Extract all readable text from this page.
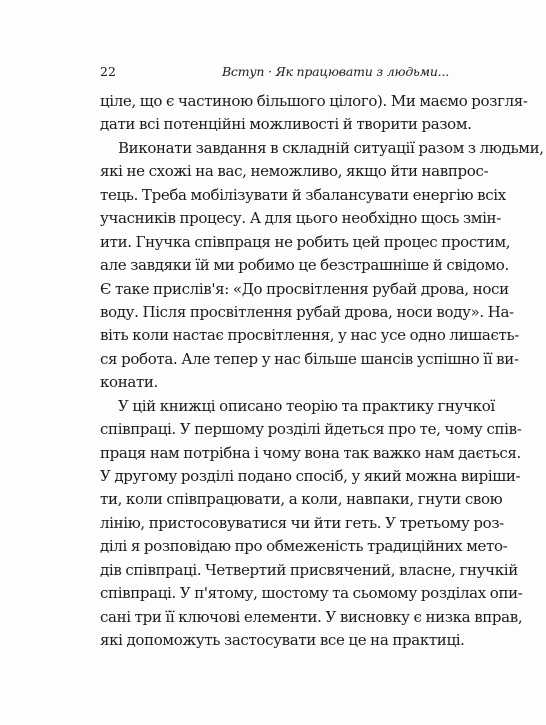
22	Вступ · Як працювати з людьми...
ціле, що є частиною більшого цілого). Ми маємо розгля-
дати всі потенційні можливості й творити разом.
Виконати завдання в складній ситуації разом з людьми,
які не схожі на вас, неможливо, якщо йти навпрос-
тець. Треба мобілізувати й збалансувати енергію всіх
учасників процесу. А для цього необхідно щось змін-
ити. Гнучка співпраця не робить цей процес простим,
але завдяки їй ми робимо це безстрашніше й свідомо.
Є таке прислів'я: «До просвітлення рубай дрова, носи
воду. Після просвітлення рубай дрова, носи воду». На-
віть коли настає просвітлення, у нас усе одно лишаєть-
ся робота. Але тепер у нас більше шансів успішно її ви-
конати.
У цій книжці описано теорію та практику гнучкої
співпраці. У першому розділі йдеться про те, чому спів-
праця нам потрібна і чому вона так важко нам дається.
У другому розділі подано спосіб, у який можна виріши-
ти, коли співпрацювати, а коли, навпаки, гнути свою
лінію, пристосовуватися чи йти геть. У третьому роз-
ділі я розповідаю про обмеженість традиційних мето-
дів співпраці. Четвертий присвячений, власне, гнучкій
співпраці. У п'ятому, шостому та сьомому розділах опи-
сані три її ключові елементи. У висновку є низка вправ,
які допоможуть застосувати все це на практиці.
